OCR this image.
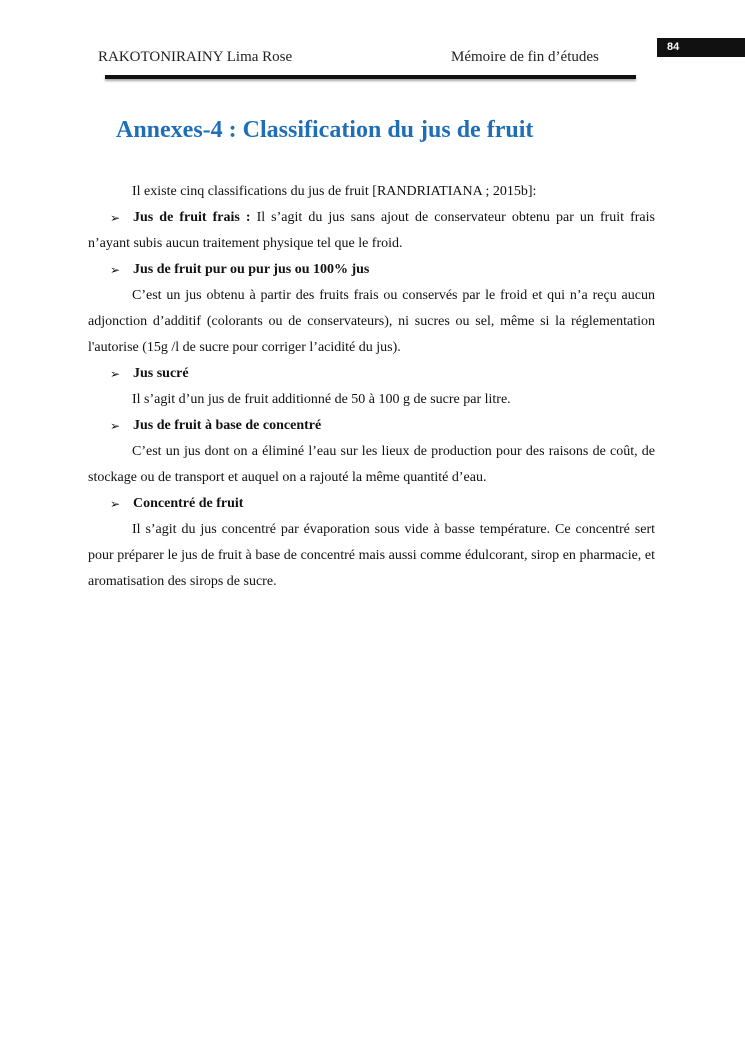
84
RAKOTONIRAINY Lima Rose	Mémoire de fin d’études
Annexes-4 : Classification du jus de fruit

Il existe cinq classifications du jus de fruit [RANDRIATIANA ; 2015b]:

➢ Jus de fruit frais : Il s’agit du jus sans ajout de conservateur obtenu par un fruit frais n’ayant subis aucun traitement physique tel que le froid.

➢ Jus de fruit pur ou pur jus ou 100% jus

C’est un jus obtenu à partir des fruits frais ou conservés par le froid et qui n’a reçu aucun adjonction d’additif (colorants ou de conservateurs), ni sucres ou sel, même si la réglementation l'autorise (15g /l de sucre pour corriger l’acidité du jus).

➢ Jus sucré

Il s’agit d’un jus de fruit additionné de 50 à 100 g de sucre par litre.

➢ Jus de fruit à base de concentré

C’est un jus dont on a éliminé l’eau sur les lieux de production pour des raisons de coût, de stockage ou de transport et auquel on a rajouté la même quantité d’eau.

➢ Concentré de fruit

Il s’agit du jus concentré par évaporation sous vide à basse température. Ce concentré sert pour préparer le jus de fruit à base de concentré mais aussi comme édulcorant, sirop en pharmacie, et aromatisation des sirops de sucre.
